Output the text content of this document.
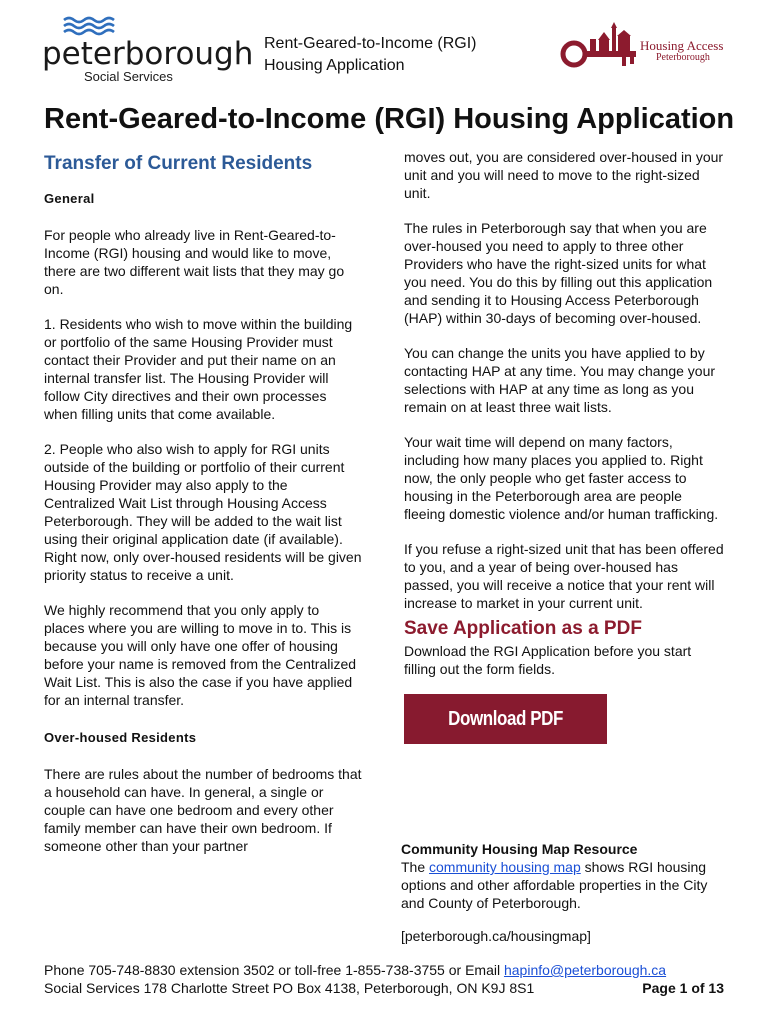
peterborough
Social Services
Rent-Geared-to-Income (RGI)
Housing Application
Housing Access
Peterborough
Rent-Geared-to-Income (RGI) Housing Application
Transfer of Current Residents
General

For people who already live in Rent-Geared-to-Income (RGI) housing and would like to move, there are two different wait lists that they may go on.

1. Residents who wish to move within the building or portfolio of the same Housing Provider must contact their Provider and put their name on an internal transfer list. The Housing Provider will follow City directives and their own processes when filling units that come available.

2. People who also wish to apply for RGI units outside of the building or portfolio of their current Housing Provider may also apply to the Centralized Wait List through Housing Access Peterborough. They will be added to the wait list using their original application date (if available). Right now, only over-housed residents will be given priority status to receive a unit.

We highly recommend that you only apply to places where you are willing to move in to. This is because you will only have one offer of housing before your name is removed from the Centralized Wait List. This is also the case if you have applied for an internal transfer.

Over-housed Residents

There are rules about the number of bedrooms that a household can have. In general, a single or couple can have one bedroom and every other family member can have their own bedroom. If someone other than your partner

moves out, you are considered over-housed in your unit and you will need to move to the right-sized unit.

The rules in Peterborough say that when you are over-housed you need to apply to three other Providers who have the right-sized units for what you need. You do this by filling out this application and sending it to Housing Access Peterborough (HAP) within 30-days of becoming over-housed.

You can change the units you have applied to by contacting HAP at any time. You may change your selections with HAP at any time as long as you remain on at least three wait lists.

Your wait time will depend on many factors, including how many places you applied to. Right now, the only people who get faster access to housing in the Peterborough area are people fleeing domestic violence and/or human trafficking.

If you refuse a right-sized unit that has been offered to you, and a year of being over-housed has passed, you will receive a notice that your rent will increase to market in your current unit.

Save Application as a PDF

Download the RGI Application before you start filling out the form fields.

Download PDF
Community Housing Map Resource

The community housing map shows RGI housing options and other affordable properties in the City and County of Peterborough.

[peterborough.ca/housingmap]
Phone 705-748-8830 extension 3502 or toll-free 1-855-738-3755 or Email hapinfo@peterborough.ca
Social Services 178 Charlotte Street PO Box 4138, Peterborough, ON K9J 8S1	Page 1 of 13
